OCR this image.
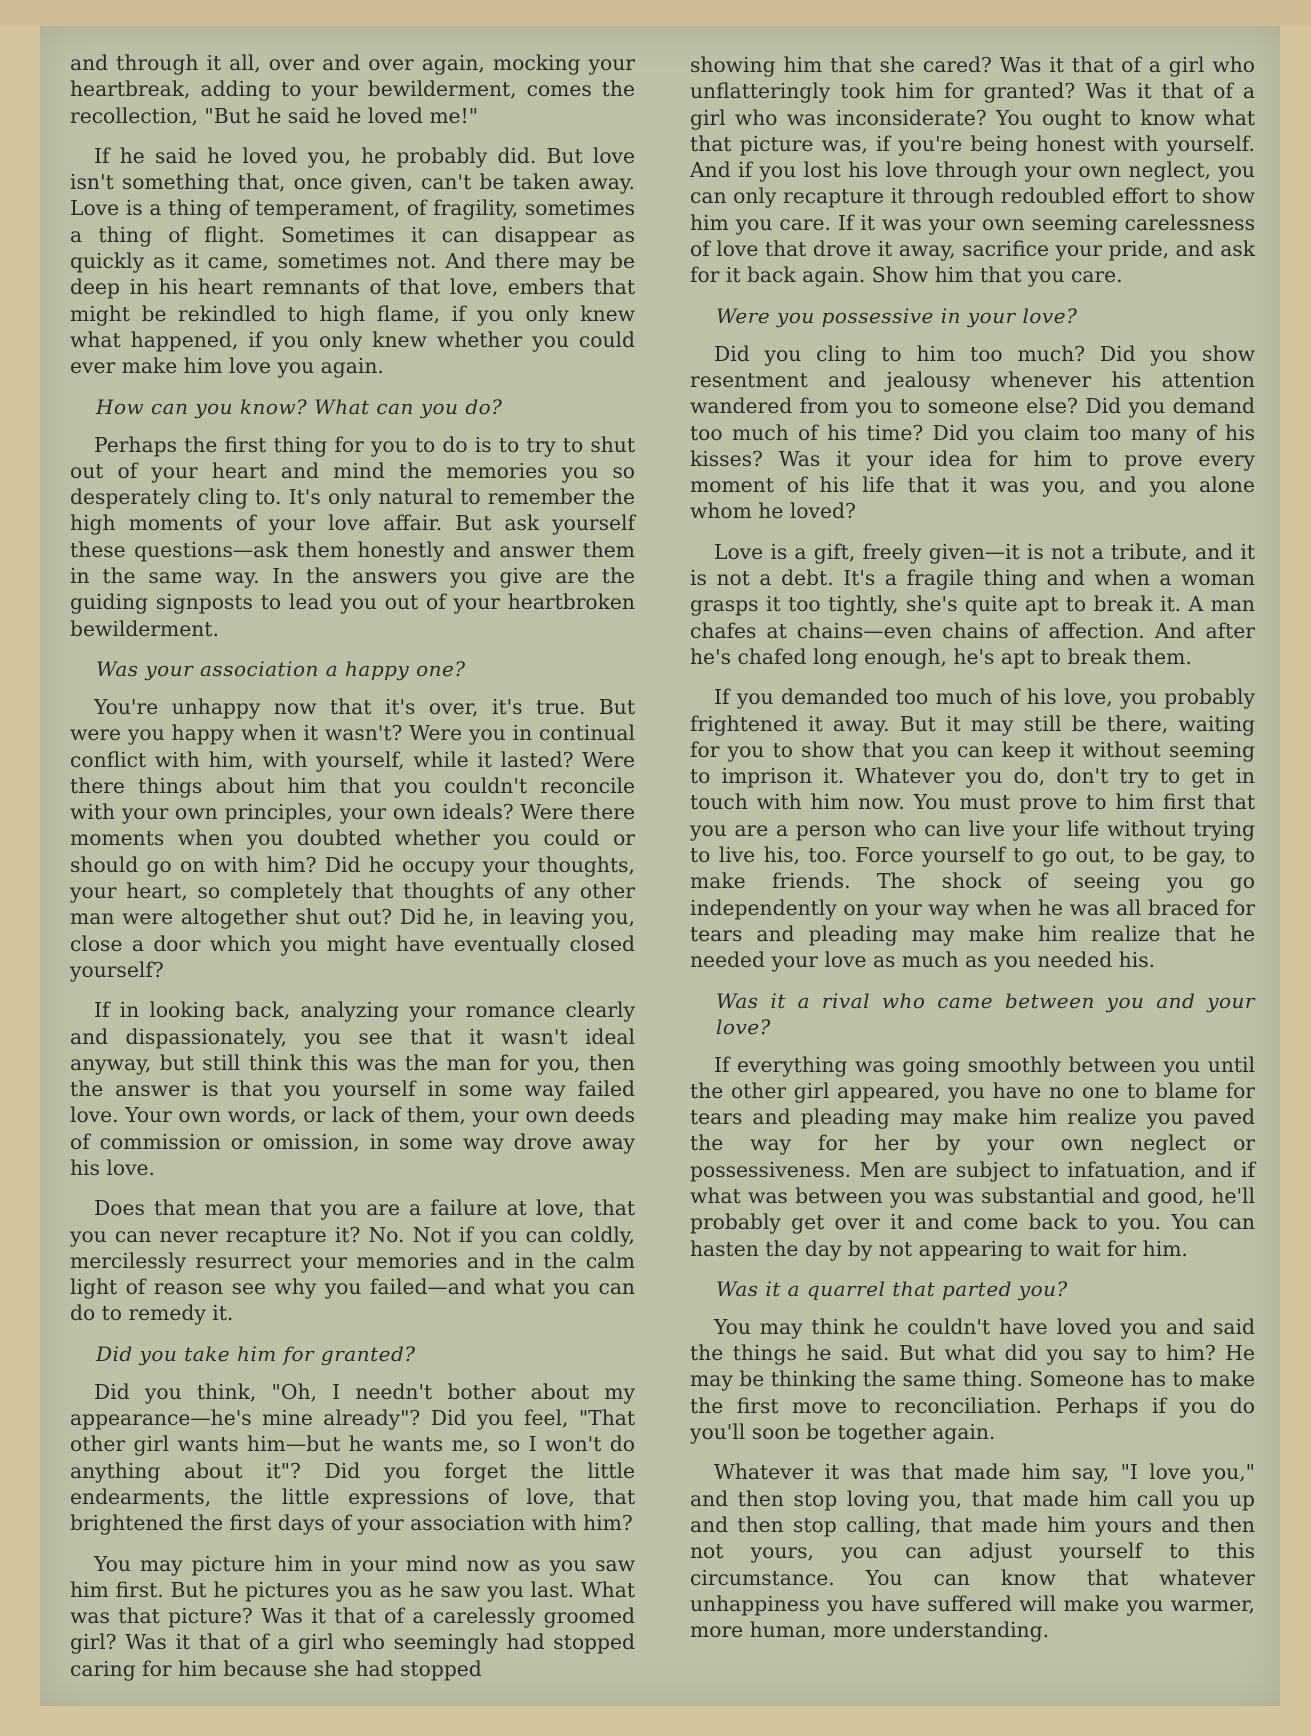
and through it all, over and over again, mocking your heartbreak, adding to your bewilderment, comes the recollection, "But he said he loved me!"

If he said he loved you, he probably did. But love isn't something that, once given, can't be taken away. Love is a thing of temperament, of fragility, sometimes a thing of flight. Sometimes it can disappear as quickly as it came, sometimes not. And there may be deep in his heart remnants of that love, embers that might be rekindled to high flame, if you only knew what happened, if you only knew whether you could ever make him love you again.

How can you know? What can you do?

Perhaps the first thing for you to do is to try to shut out of your heart and mind the memories you so desperately cling to. It's only natural to remember the high moments of your love affair. But ask yourself these questions—ask them honestly and answer them in the same way. In the answers you give are the guiding signposts to lead you out of your heartbroken bewilderment.

Was your association a happy one?

You're unhappy now that it's over, it's true. But were you happy when it wasn't? Were you in continual conflict with him, with yourself, while it lasted? Were there things about him that you couldn't reconcile with your own principles, your own ideals? Were there moments when you doubted whether you could or should go on with him? Did he occupy your thoughts, your heart, so completely that thoughts of any other man were altogether shut out? Did he, in leaving you, close a door which you might have eventually closed yourself?

If in looking back, analyzing your romance clearly and dispassionately, you see that it wasn't ideal anyway, but still think this was the man for you, then the answer is that you yourself in some way failed love. Your own words, or lack of them, your own deeds of commission or omission, in some way drove away his love.

Does that mean that you are a failure at love, that you can never recapture it? No. Not if you can coldly, mercilessly resurrect your memories and in the calm light of reason see why you failed—and what you can do to remedy it.

Did you take him for granted?

Did you think, "Oh, I needn't bother about my appearance—he's mine already"? Did you feel, "That other girl wants him—but he wants me, so I won't do anything about it"? Did you forget the little endearments, the little expressions of love, that brightened the first days of your association with him?

You may picture him in your mind now as you saw him first. But he pictures you as he saw you last. What was that picture? Was it that of a carelessly groomed girl? Was it that of a girl who seemingly had stopped caring for him because she had stopped

showing him that she cared? Was it that of a girl who unflatteringly took him for granted? Was it that of a girl who was inconsiderate? You ought to know what that picture was, if you're being honest with yourself. And if you lost his love through your own neglect, you can only recapture it through redoubled effort to show him you care. If it was your own seeming carelessness of love that drove it away, sacrifice your pride, and ask for it back again. Show him that you care.

Were you possessive in your love?

Did you cling to him too much? Did you show resentment and jealousy whenever his attention wandered from you to someone else? Did you demand too much of his time? Did you claim too many of his kisses? Was it your idea for him to prove every moment of his life that it was you, and you alone whom he loved?

Love is a gift, freely given—it is not a tribute, and it is not a debt. It's a fragile thing and when a woman grasps it too tightly, she's quite apt to break it. A man chafes at chains—even chains of affection. And after he's chafed long enough, he's apt to break them.

If you demanded too much of his love, you probably frightened it away. But it may still be there, waiting for you to show that you can keep it without seeming to imprison it. Whatever you do, don't try to get in touch with him now. You must prove to him first that you are a person who can live your life without trying to live his, too. Force yourself to go out, to be gay, to make friends. The shock of seeing you go independently on your way when he was all braced for tears and pleading may make him realize that he needed your love as much as you needed his.

Was it a rival who came between you and your love?

If everything was going smoothly between you until the other girl appeared, you have no one to blame for tears and pleading may make him realize you paved the way for her by your own neglect or possessiveness. Men are subject to infatuation, and if what was between you was substantial and good, he'll probably get over it and come back to you. You can hasten the day by not appearing to wait for him.

Was it a quarrel that parted you?

You may think he couldn't have loved you and said the things he said. But what did you say to him? He may be thinking the same thing. Someone has to make the first move to reconciliation. Perhaps if you do you'll soon be together again.

Whatever it was that made him say, "I love you," and then stop loving you, that made him call you up and then stop calling, that made him yours and then not yours, you can adjust yourself to this circumstance. You can know that whatever unhappiness you have suffered will make you warmer, more human, more understanding.
